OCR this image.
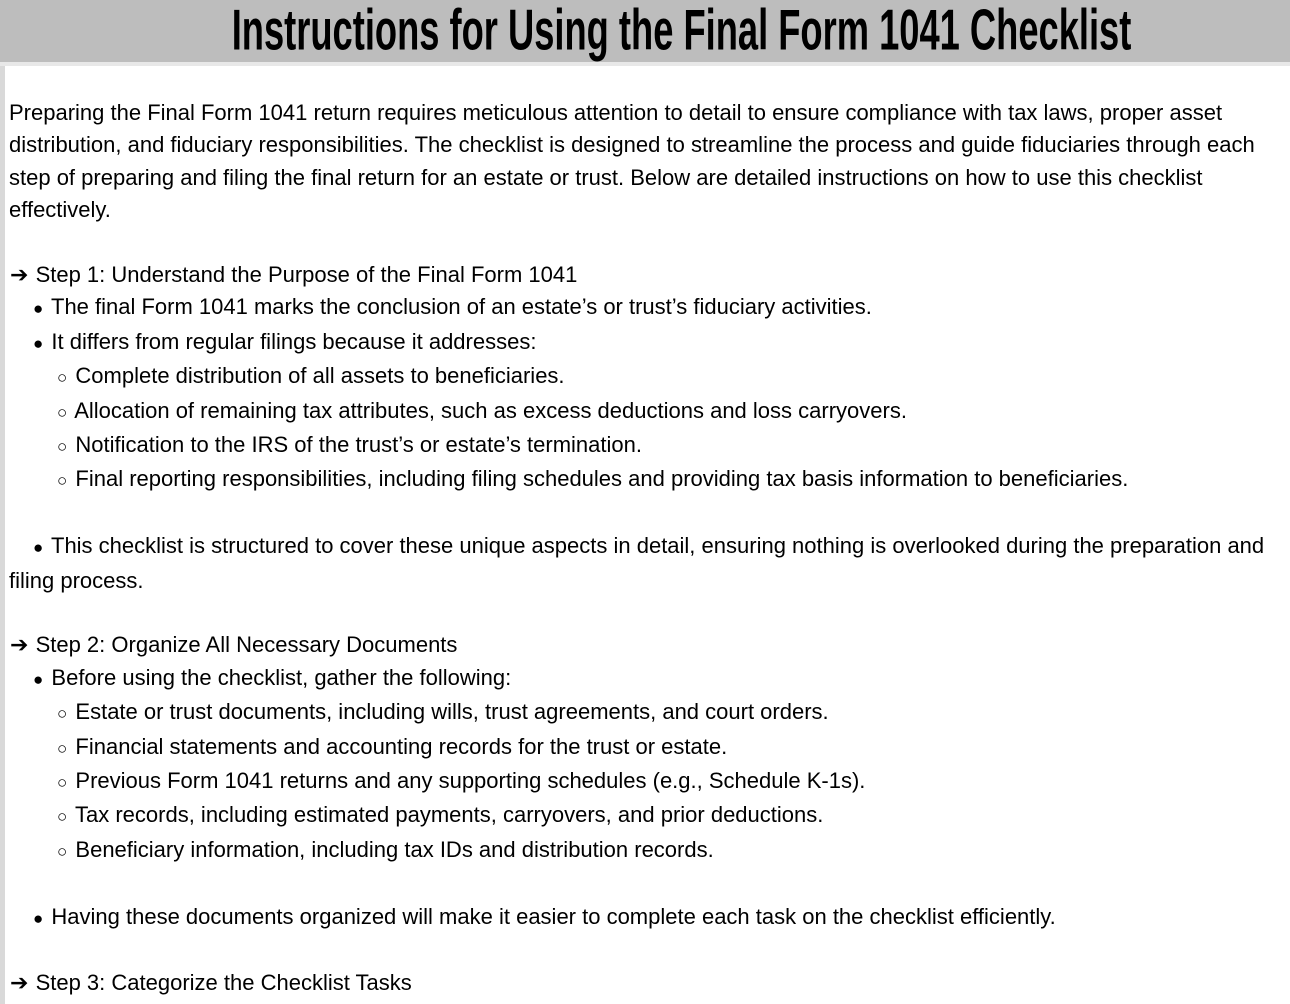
Instructions for Using the Final Form 1041 Checklist

Preparing the Final Form 1041 return requires meticulous attention to detail to ensure compliance with tax laws, proper asset distribution, and fiduciary responsibilities. The checklist is designed to streamline the process and guide fiduciaries through each step of preparing and filing the final return for an estate or trust. Below are detailed instructions on how to use this checklist effectively.

➔ Step 1: Understand the Purpose of the Final Form 1041
● The final Form 1041 marks the conclusion of an estate’s or trust’s fiduciary activities.
● It differs from regular filings because it addresses:
○ Complete distribution of all assets to beneficiaries.
○ Allocation of remaining tax attributes, such as excess deductions and loss carryovers.
○ Notification to the IRS of the trust’s or estate’s termination.
○ Final reporting responsibilities, including filing schedules and providing tax basis information to beneficiaries.
● This checklist is structured to cover these unique aspects in detail, ensuring nothing is overlooked during the preparation and filing process.
➔ Step 2: Organize All Necessary Documents
● Before using the checklist, gather the following:
○ Estate or trust documents, including wills, trust agreements, and court orders.
○ Financial statements and accounting records for the trust or estate.
○ Previous Form 1041 returns and any supporting schedules (e.g., Schedule K-1s).
○ Tax records, including estimated payments, carryovers, and prior deductions.
○ Beneficiary information, including tax IDs and distribution records.
● Having these documents organized will make it easier to complete each task on the checklist efficiently.
➔ Step 3: Categorize the Checklist Tasks
